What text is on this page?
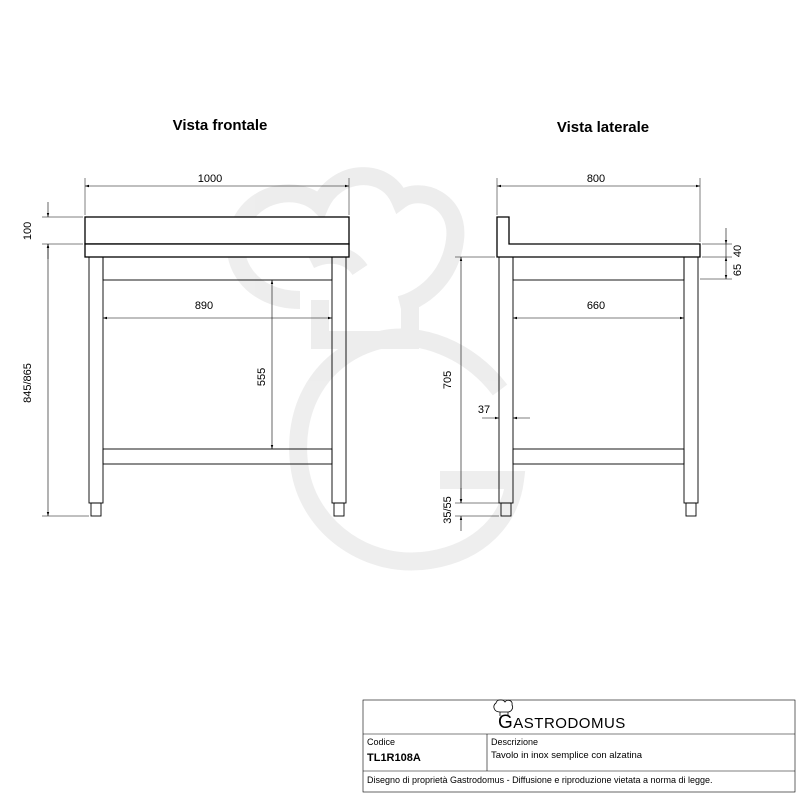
Vista frontale
1000
100
845/865
890
555
Vista laterale
800
65
40
660
705
37
35/55
GASTRODOMUS
Codice
TL1R108A
Descrizione
Tavolo in inox semplice con alzatina
Disegno di proprietà Gastrodomus - Diffusione e riproduzione vietata a norma di legge.
